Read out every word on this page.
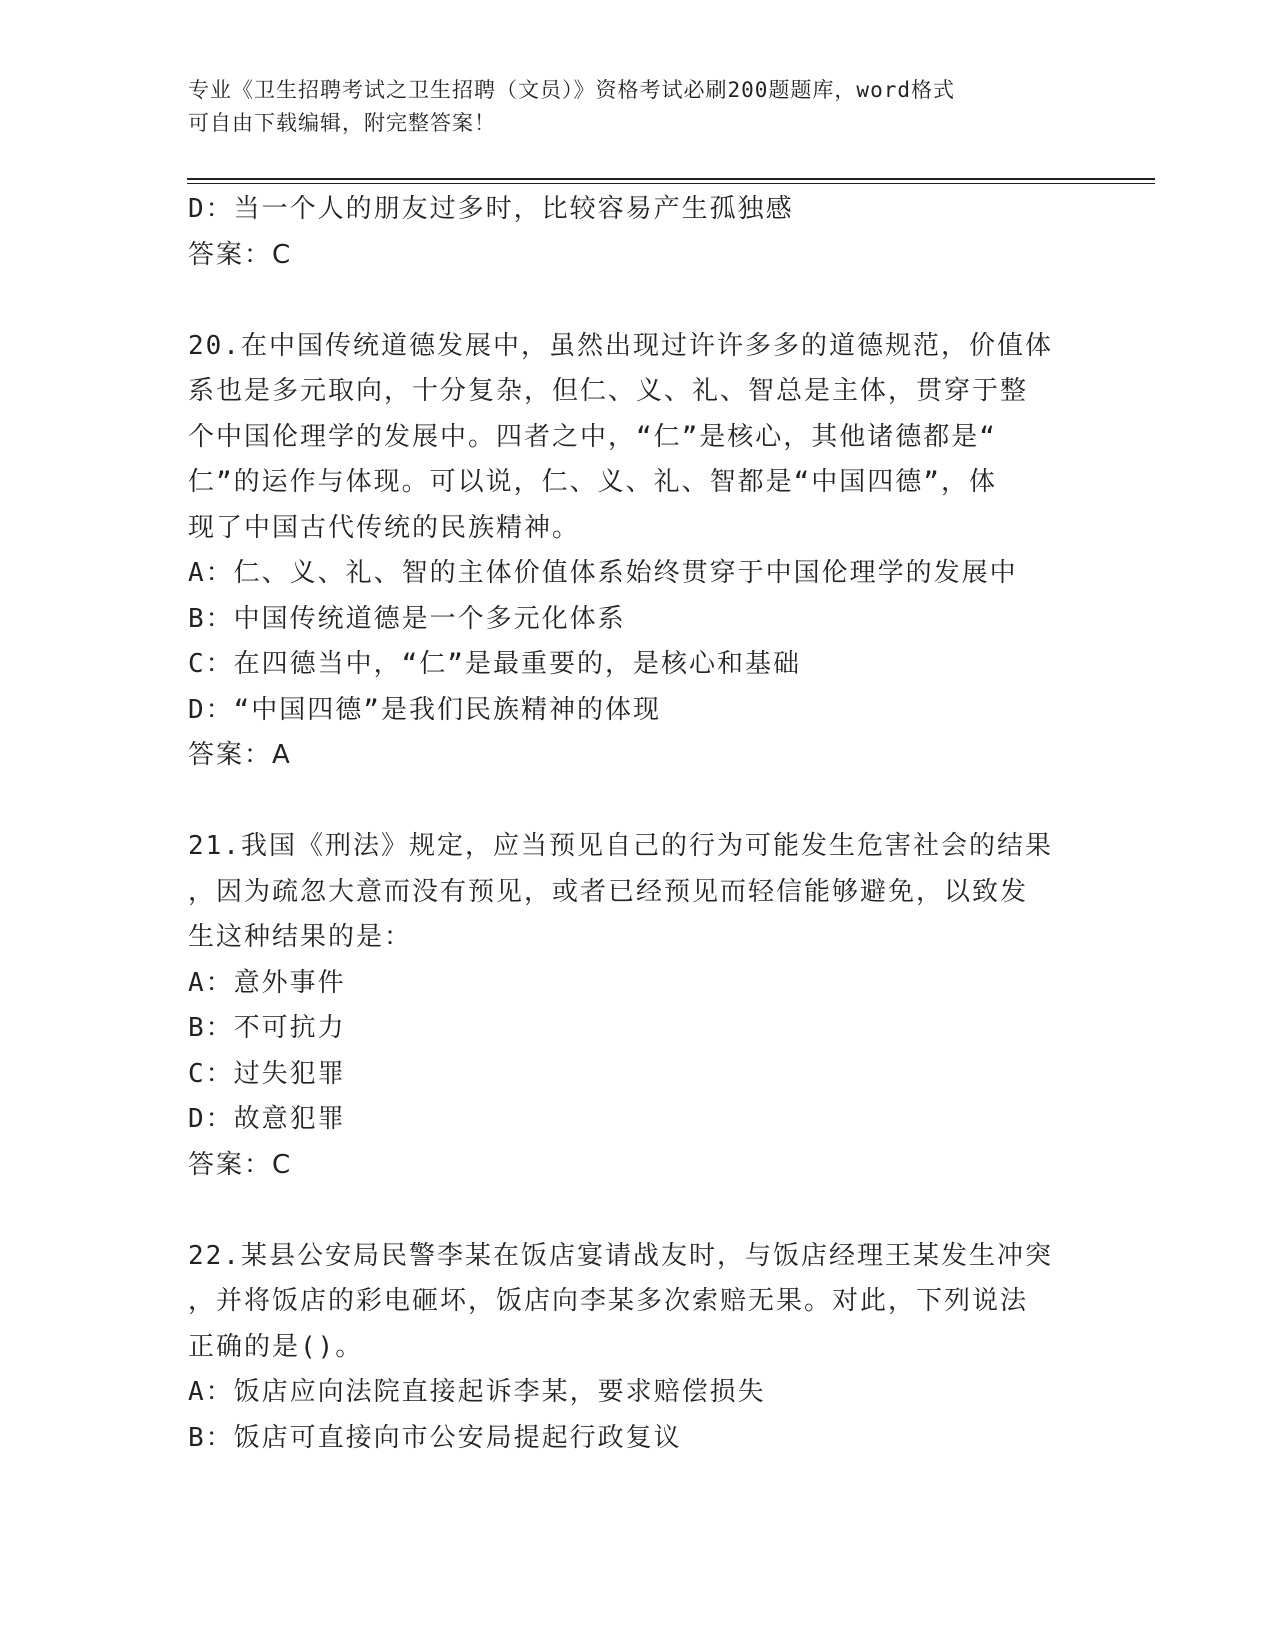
专业《卫生招聘考试之卫生招聘（文员）》资格考试必刷200题题库，word格式
可自由下载编辑，附完整答案！
D：当一个人的朋友过多时，比较容易产生孤独感
答案：C
20.在中国传统道德发展中，虽然出现过许许多多的道德规范，价值体
系也是多元取向，十分复杂，但仁、义、礼、智总是主体，贯穿于整
个中国伦理学的发展中。四者之中，“仁”是核心，其他诸德都是“
仁”的运作与体现。可以说，仁、义、礼、智都是“中国四德”，体
现了中国古代传统的民族精神。
A：仁、义、礼、智的主体价值体系始终贯穿于中国伦理学的发展中
B：中国传统道德是一个多元化体系
C：在四德当中，“仁”是最重要的，是核心和基础
D：“中国四德”是我们民族精神的体现
答案：A
21.我国《刑法》规定，应当预见自己的行为可能发生危害社会的结果
，因为疏忽大意而没有预见，或者已经预见而轻信能够避免，以致发
生这种结果的是：
A：意外事件
B：不可抗力
C：过失犯罪
D：故意犯罪
答案：C
22.某县公安局民警李某在饭店宴请战友时，与饭店经理王某发生冲突
，并将饭店的彩电砸坏，饭店向李某多次索赔无果。对此，下列说法
正确的是()。
A：饭店应向法院直接起诉李某，要求赔偿损失
B：饭店可直接向市公安局提起行政复议
